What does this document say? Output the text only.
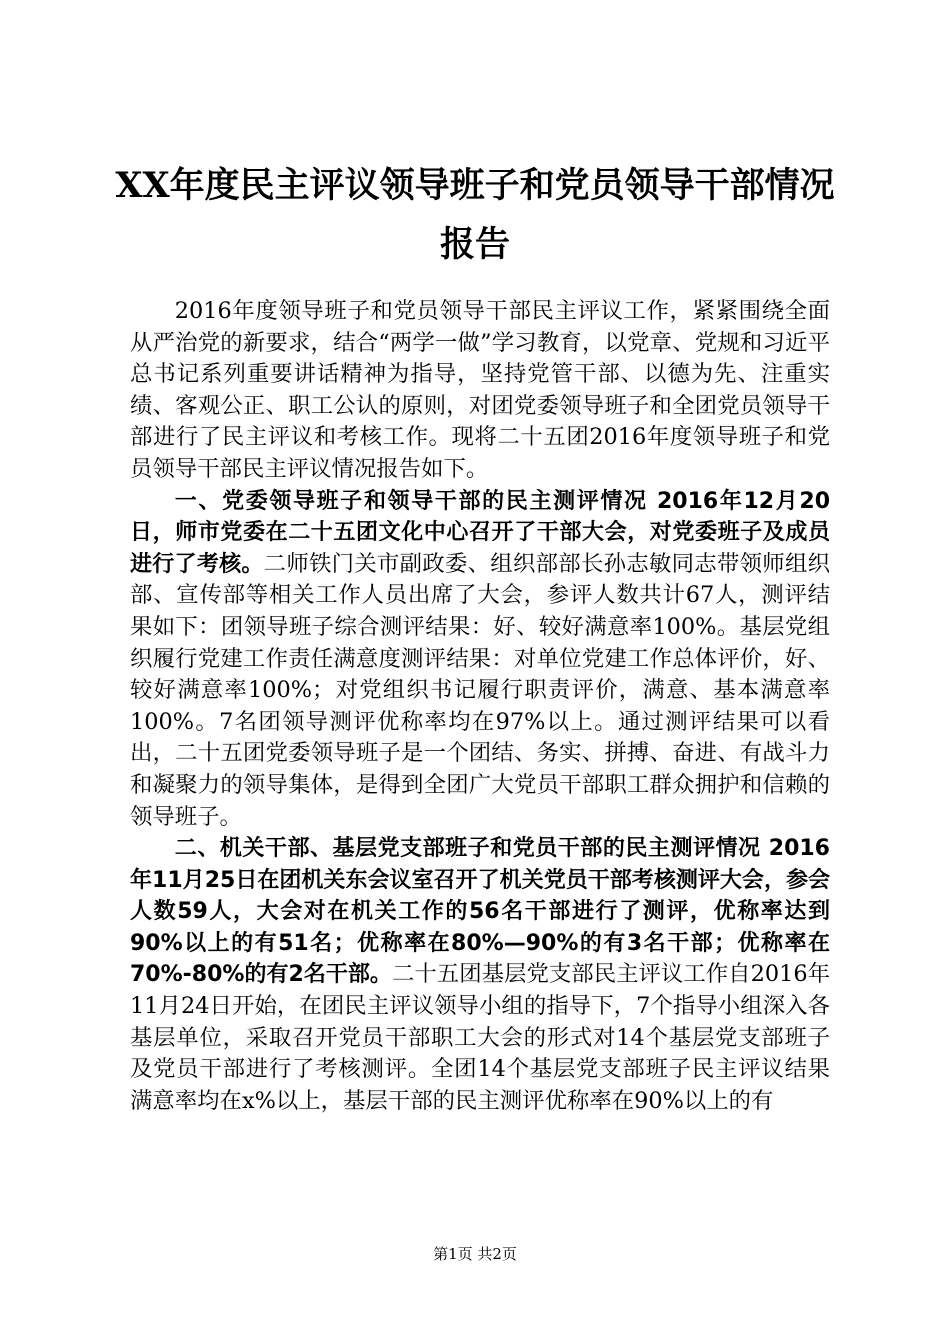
XX年度民主评议领导班子和党员领导干部情况报告

2016年度领导班子和党员领导干部民主评议工作，紧紧围绕全面从严治党的新要求，结合“两学一做”学习教育，以党章、党规和习近平总书记系列重要讲话精神为指导，坚持党管干部、以德为先、注重实绩、客观公正、职工公认的原则，对团党委领导班子和全团党员领导干部进行了民主评议和考核工作。现将二十五团2016年度领导班子和党员领导干部民主评议情况报告如下。

一、党委领导班子和领导干部的民主测评情况 2016年12月20日，师市党委在二十五团文化中心召开了干部大会，对党委班子及成员进行了考核。二师铁门关市副政委、组织部部长孙志敏同志带领师组织部、宣传部等相关工作人员出席了大会，参评人数共计67人，测评结果如下：团领导班子综合测评结果：好、较好满意率100%。基层党组织履行党建工作责任满意度测评结果：对单位党建工作总体评价，好、较好满意率100%；对党组织书记履行职责评价，满意、基本满意率100%。7名团领导测评优称率均在97%以上。通过测评结果可以看出，二十五团党委领导班子是一个团结、务实、拼搏、奋进、有战斗力和凝聚力的领导集体，是得到全团广大党员干部职工群众拥护和信赖的领导班子。

二、机关干部、基层党支部班子和党员干部的民主测评情况 2016年11月25日在团机关东会议室召开了机关党员干部考核测评大会，参会人数59人，大会对在机关工作的56名干部进行了测评，优称率达到90%以上的有51名；优称率在80%—90%的有3名干部；优称率在70%-80%的有2名干部。二十五团基层党支部民主评议工作自2016年11月24日开始，在团民主评议领导小组的指导下，7个指导小组深入各基层单位，采取召开党员干部职工大会的形式对14个基层党支部班子及党员干部进行了考核测评。全团14个基层党支部班子民主评议结果满意率均在x%以上，基层干部的民主测评优称率在90%以上的有

第1页 共2页
